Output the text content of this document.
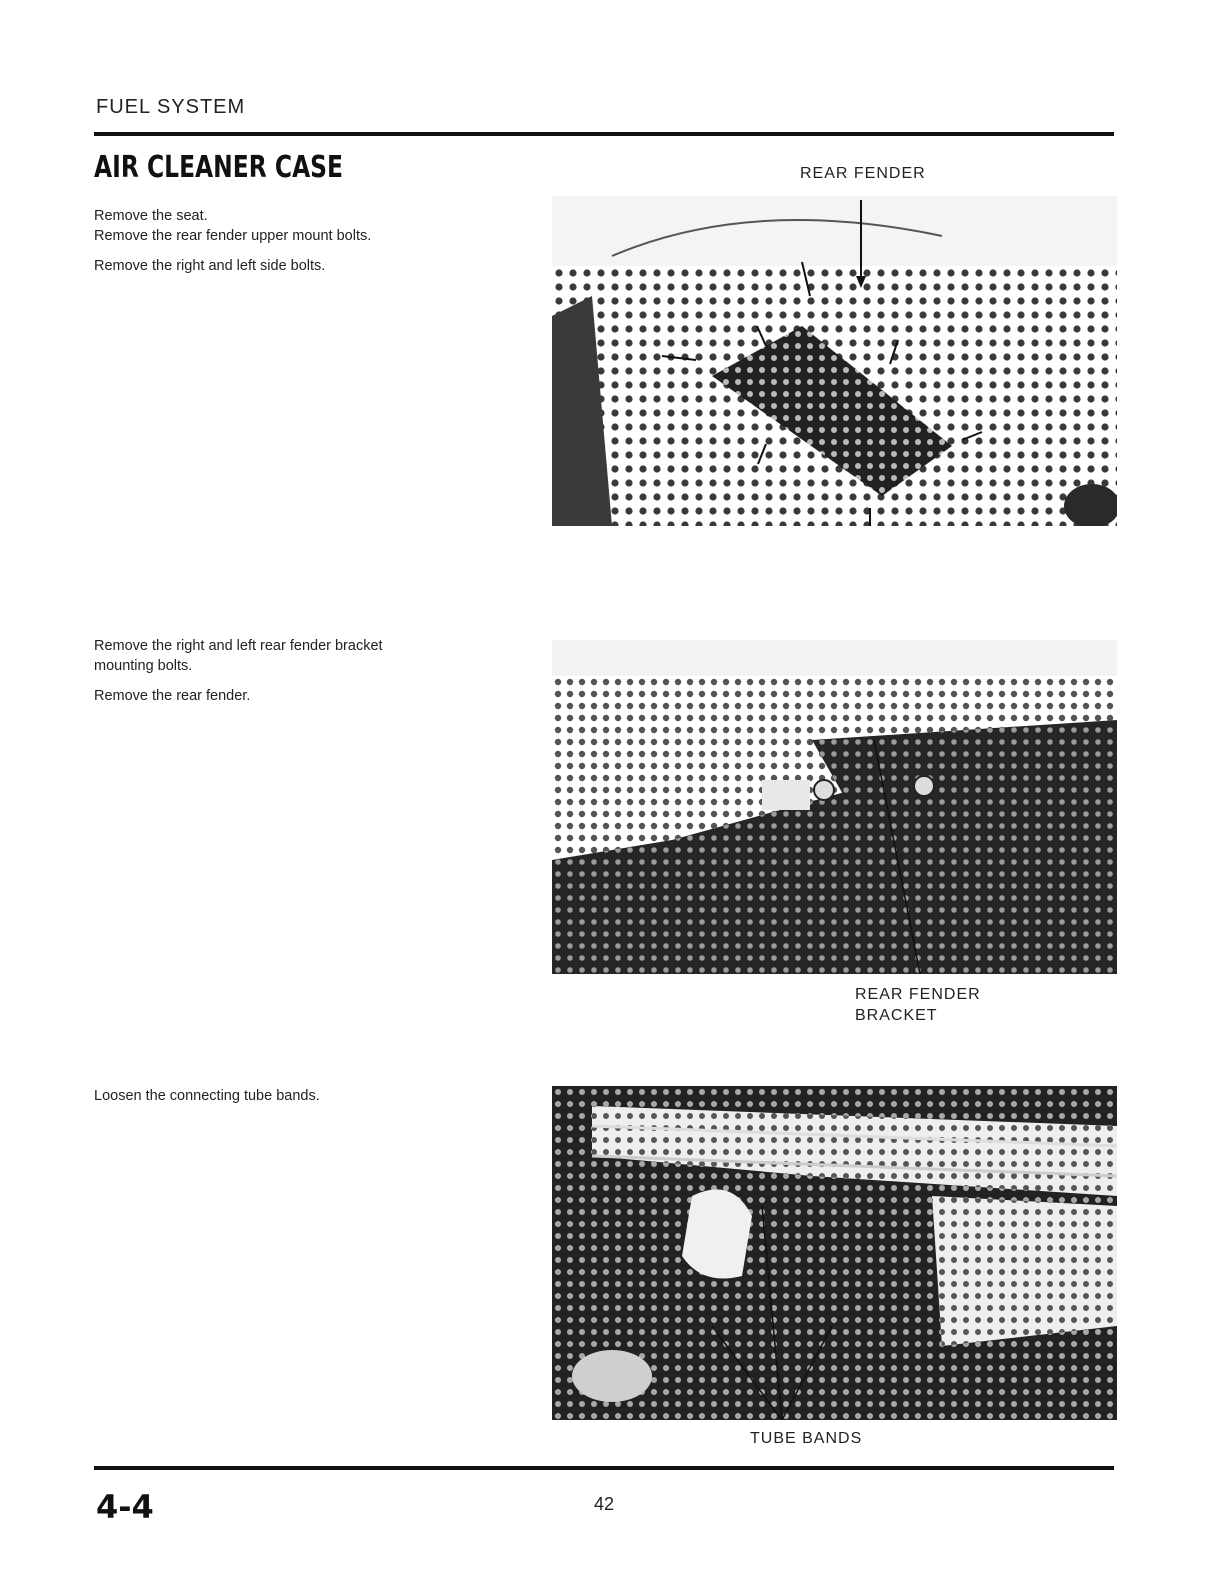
FUEL SYSTEM
AIR CLEANER CASE

Remove the seat.

Remove the rear fender upper mount bolts.

Remove the right and left side bolts.

REAR FENDER

Remove the right and left rear fender bracket

mounting bolts.

Remove the rear fender.

REAR FENDER
BRACKET

Loosen the connecting tube bands.

TUBE BANDS
4-4	42
